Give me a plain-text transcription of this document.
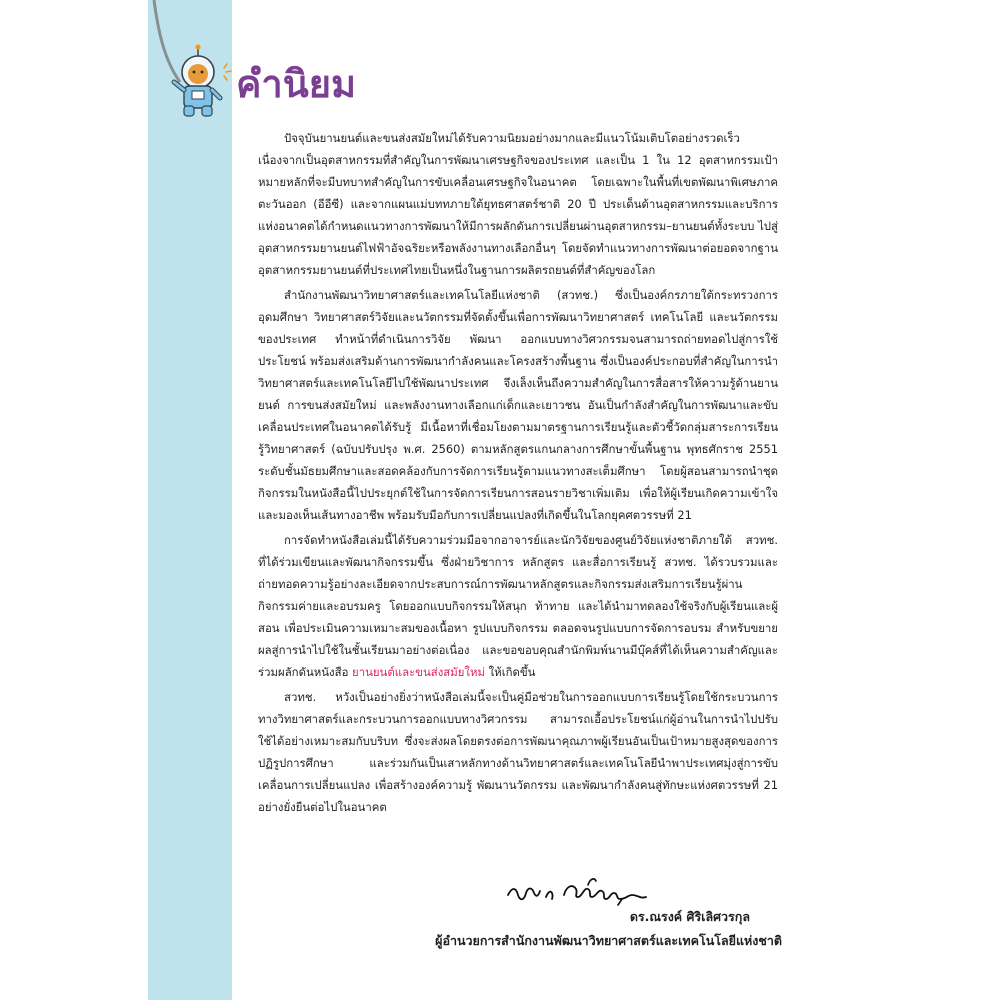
คำนิยม

ปัจจุบันยานยนต์และขนส่งสมัยใหม่ได้รับความนิยมอย่างมากและมีแนวโน้มเติบโตอย่างรวดเร็ว เนื่องจากเป็นอุตสาหกรรมที่สำคัญในการพัฒนาเศรษฐกิจของประเทศ และเป็น 1 ใน 12 อุตสาหกรรมเป้าหมายหลักที่จะมีบทบาทสำคัญในการขับเคลื่อนเศรษฐกิจในอนาคต โดยเฉพาะในพื้นที่เขตพัฒนาพิเศษภาคตะวันออก (อีอีซี) และจากแผนแม่บททภายใต้ยุทธศาสตร์ชาติ 20 ปี ประเด็นด้านอุตสาหกรรมและบริการแห่งอนาคตได้กำหนดแนวทางการพัฒนาให้มีการผลักดันการเปลี่ยนผ่านอุตสาหกรรม–ยานยนต์ทั้งระบบ ไปสู่อุตสาหกรรมยานยนต์ไฟฟ้าอัจฉริยะหรือพลังงานทางเลือกอื่นๆ โดยจัดทำแนวทางการพัฒนาต่อยอดจากฐานอุตสาหกรรมยานยนต์ที่ประเทศไทยเป็นหนึ่งในฐานการผลิตรถยนต์ที่สำคัญของโลก

สำนักงานพัฒนาวิทยาศาสตร์และเทคโนโลยีแห่งชาติ (สวทช.) ซึ่งเป็นองค์กรภายใต้กระทรวงการอุดมศึกษา วิทยาศาสตร์วิจัยและนวัตกรรมที่จัดตั้งขึ้นเพื่อการพัฒนาวิทยาศาสตร์ เทคโนโลยี และนวัตกรรมของประเทศ ทำหน้าที่ดำเนินการวิจัย พัฒนา ออกแบบทางวิศวกรรมจนสามารถถ่ายทอดไปสู่การใช้ประโยชน์ พร้อมส่งเสริมด้านการพัฒนากำลังคนและโครงสร้างพื้นฐาน ซึ่งเป็นองค์ประกอบที่สำคัญในการนำวิทยาศาสตร์และเทคโนโลยีไปใช้พัฒนาประเทศ จึงเล็งเห็นถึงความสำคัญในการสื่อสารให้ความรู้ด้านยานยนต์ การขนส่งสมัยใหม่ และพลังงานทางเลือกแก่เด็กและเยาวชน อันเป็นกำลังสำคัญในการพัฒนาและขับเคลื่อนประเทศในอนาคตได้รับรู้ มีเนื้อหาที่เชื่อมโยงตามมาตรฐานการเรียนรู้และตัวชี้วัดกลุ่มสาระการเรียนรู้วิทยาศาสตร์ (ฉบับปรับปรุง พ.ศ. 2560) ตามหลักสูตรแกนกลางการศึกษาขั้นพื้นฐาน พุทธศักราช 2551 ระดับชั้นมัธยมศึกษาและสอดคล้องกับการจัดการเรียนรู้ตามแนวทางสะเต็มศึกษา โดยผู้สอนสามารถนำชุดกิจกรรมในหนังสือนี้ไปประยุกต์ใช้ในการจัดการเรียนการสอนรายวิชาเพิ่มเติม เพื่อให้ผู้เรียนเกิดความเข้าใจและมองเห็นเส้นทางอาชีพ พร้อมรับมือกับการเปลี่ยนแปลงที่เกิดขึ้นในโลกยุคศตวรรษที่ 21

การจัดทำหนังสือเล่มนี้ได้รับความร่วมมือจากอาจารย์และนักวิจัยของศูนย์วิจัยแห่งชาติภายใต้ สวทช. ที่ได้ร่วมเขียนและพัฒนากิจกรรมขึ้น ซึ่งฝ่ายวิชาการ หลักสูตร และสื่อการเรียนรู้ สวทช. ได้รวบรวมและถ่ายทอดความรู้อย่างละเอียดจากประสบการณ์การพัฒนาหลักสูตรและกิจกรรมส่งเสริมการเรียนรู้ผ่านกิจกรรมค่ายและอบรมครู โดยออกแบบกิจกรรมให้สนุก ท้าทาย และได้นำมาทดลองใช้จริงกับผู้เรียนและผู้สอน เพื่อประเมินความเหมาะสมของเนื้อหา รูปแบบกิจกรรม ตลอดจนรูปแบบการจัดการอบรม สำหรับขยายผลสู่การนำไปใช้ในชั้นเรียนมาอย่างต่อเนื่อง และขอขอบคุณสำนักพิมพ์นานมีบุ๊คส์ที่ได้เห็นความสำคัญและร่วมผลักดันหนังสือ ยานยนต์และขนส่งสมัยใหม่ ให้เกิดขึ้น

สวทช. หวังเป็นอย่างยิ่งว่าหนังสือเล่มนี้จะเป็นคู่มือช่วยในการออกแบบการเรียนรู้โดยใช้กระบวนการทางวิทยาศาสตร์และกระบวนการออกแบบทางวิศวกรรม สามารถเอื้อประโยชน์แก่ผู้อ่านในการนำไปปรับใช้ได้อย่างเหมาะสมกับบริบท ซึ่งจะส่งผลโดยตรงต่อการพัฒนาคุณภาพผู้เรียนอันเป็นเป้าหมายสูงสุดของการปฏิรูปการศึกษา และร่วมกันเป็นเสาหลักทางด้านวิทยาศาสตร์และเทคโนโลยีนำพาประเทศมุ่งสู่การขับเคลื่อนการเปลี่ยนแปลง เพื่อสร้างองค์ความรู้ พัฒนานวัตกรรม และพัฒนากำลังคนสู่ทักษะแห่งศตวรรษที่ 21 อย่างยั่งยืนต่อไปในอนาคต

ดร.ณรงค์ ศิริเลิศวรกุล
ผู้อำนวยการสำนักงานพัฒนาวิทยาศาสตร์และเทคโนโลยีแห่งชาติ
